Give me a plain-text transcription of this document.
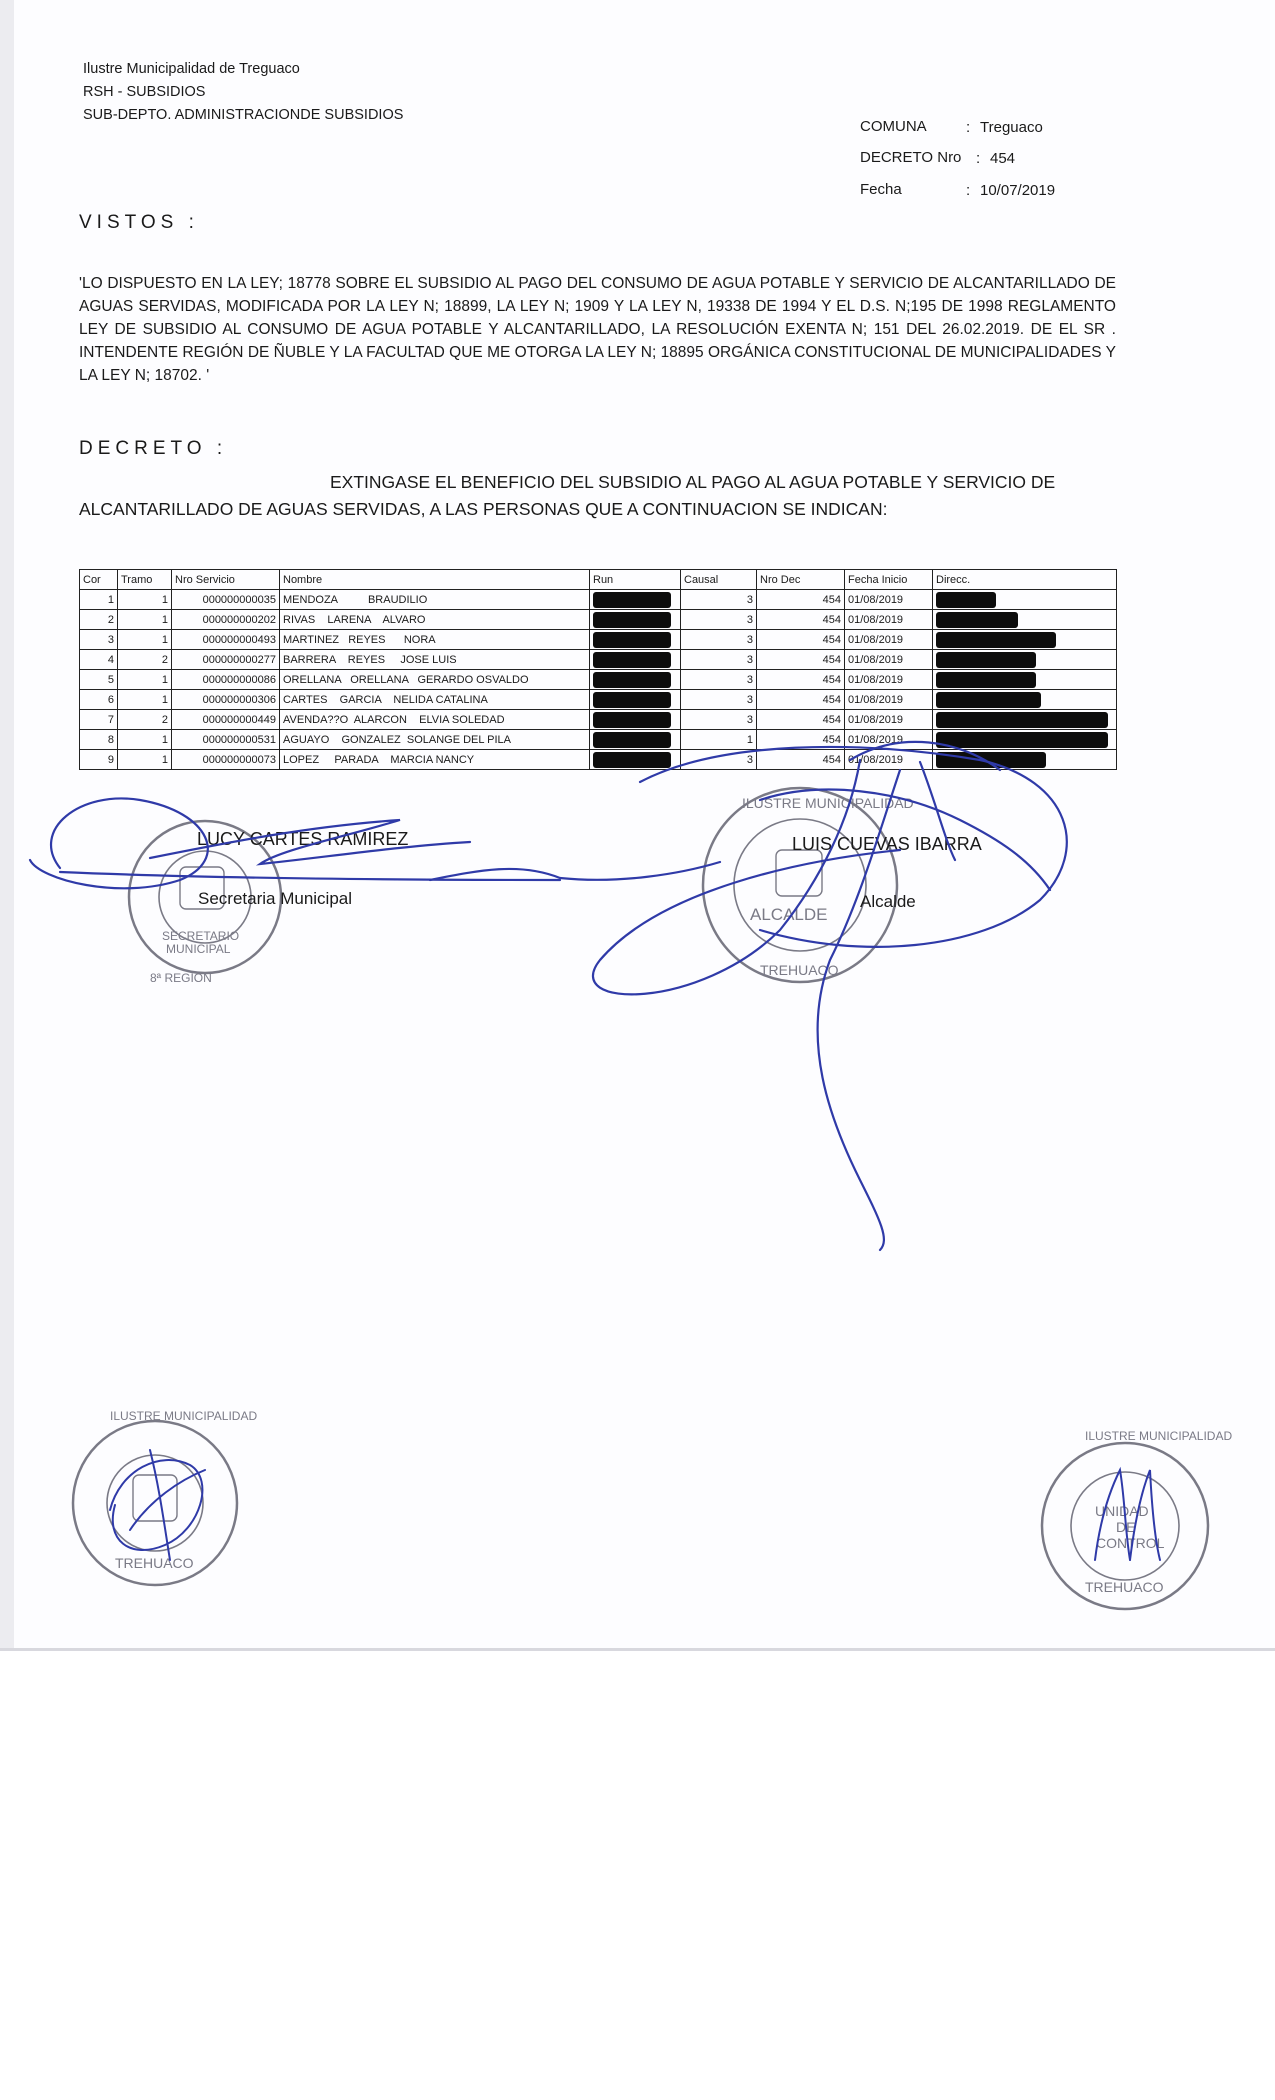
Ilustre Municipalidad de Treguaco
RSH - SUBSIDIOS
SUB-DEPTO. ADMINISTRACIONDE SUBSIDIOS
COMUNA	: Treguaco
DECRETO Nro : 454
Fecha	: 10/07/2019
VISTOS :
'LO DISPUESTO EN LA LEY; 18778 SOBRE EL SUBSIDIO AL PAGO DEL CONSUMO DE AGUA POTABLE Y SERVICIO DE ALCANTARILLADO DE AGUAS SERVIDAS, MODIFICADA POR LA LEY N; 18899, LA LEY N; 1909 Y LA LEY N, 19338 DE 1994 Y EL D.S. N;195 DE 1998 REGLAMENTO LEY DE SUBSIDIO AL CONSUMO DE AGUA POTABLE Y ALCANTARILLADO, LA RESOLUCIÓN EXENTA N; 151 DEL 26.02.2019. DE EL SR . INTENDENTE REGIÓN DE ÑUBLE Y LA FACULTAD QUE ME OTORGA LA LEY N; 18895 ORGÁNICA CONSTITUCIONAL DE MUNICIPALIDADES Y LA LEY N; 18702. '
DECRETO :
EXTINGASE EL BENEFICIO DEL SUBSIDIO AL PAGO AL AGUA POTABLE Y SERVICIO DE
ALCANTARILLADO DE AGUAS SERVIDAS, A LAS PERSONAS QUE A CONTINUACION SE INDICAN:
Cor	Tramo	Nro Servicio	Nombre	Run	Causal	Nro Dec	Fecha Inicio	Direcc.
1	1	000000000035	MENDOZA          BRAUDILIO		3	454	01/08/2019	
2	1	000000000202	RIVAS    LARENA    ALVARO		3	454	01/08/2019	
3	1	000000000493	MARTINEZ   REYES      NORA		3	454	01/08/2019	
4	2	000000000277	BARRERA    REYES     JOSE LUIS		3	454	01/08/2019	
5	1	000000000086	ORELLANA   ORELLANA   GERARDO OSVALDO		3	454	01/08/2019	
6	1	000000000306	CARTES    GARCIA    NELIDA CATALINA		3	454	01/08/2019	
7	2	000000000449	AVENDA??O  ALARCON    ELVIA SOLEDAD		3	454	01/08/2019	
8	1	000000000531	AGUAYO    GONZALEZ  SOLANGE DEL PILA		1	454	01/08/2019	
9	1	000000000073	LOPEZ     PARADA    MARCIA NANCY		3	454	01/08/2019	
SECRETARIO
MUNICIPAL
8ª REGION
ALCALDE
TREHUACO
ILUSTRE MUNICIPALIDAD
ILUSTRE MUNICIPALIDAD
TREHUACO
ILUSTRE MUNICIPALIDAD
UNIDAD
DE
CONTROL
TREHUACO
LUCY CARTES RAMIREZ
Secretaria Municipal
LUIS CUEVAS IBARRA
Alcalde
